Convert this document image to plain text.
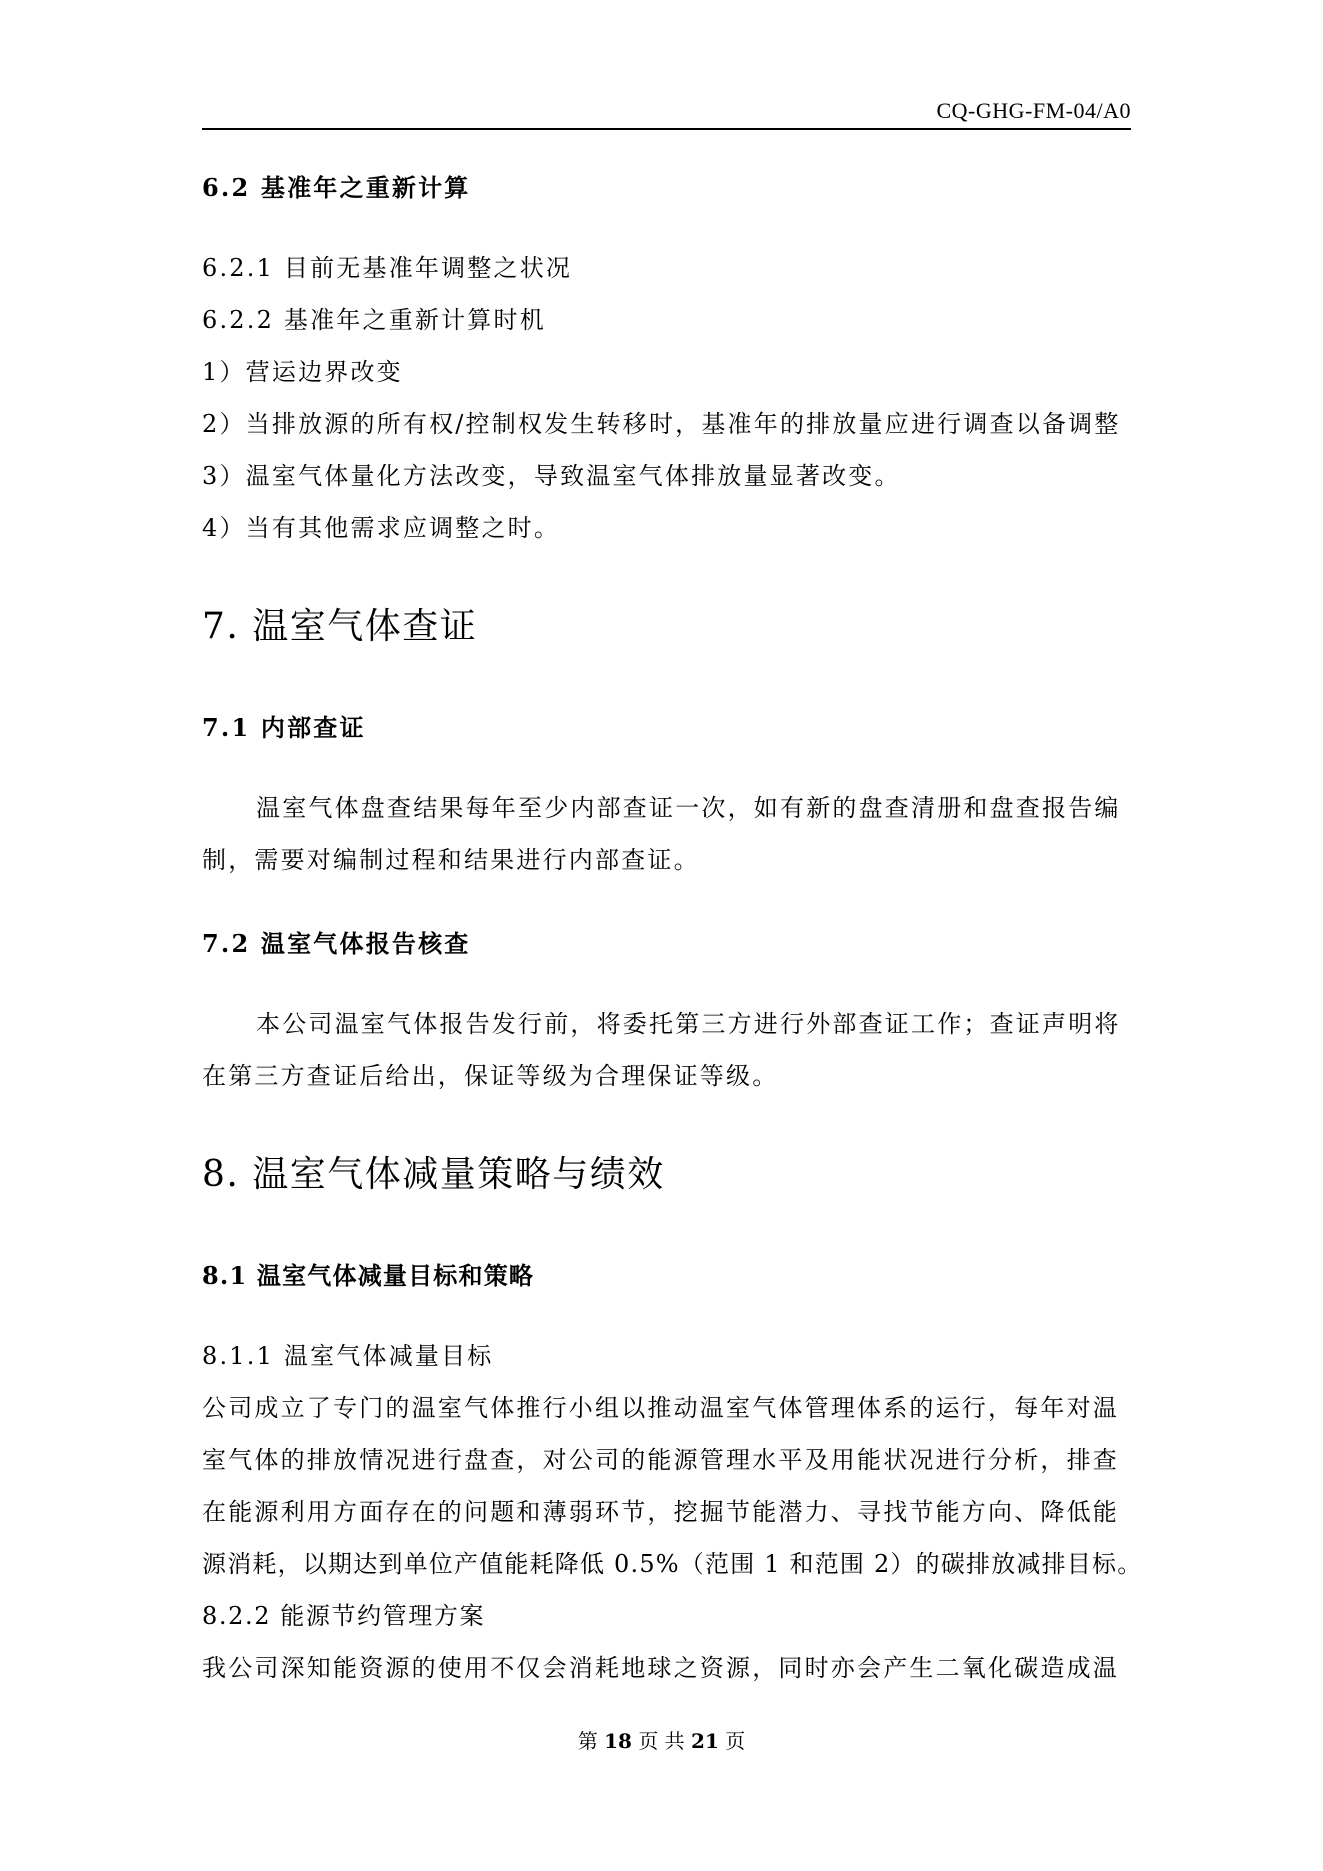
CQ-GHG-FM-04/A0
6.2 基准年之重新计算
6.2.1 目前无基准年调整之状况
6.2.2 基准年之重新计算时机
1）营运边界改变
2）当排放源的所有权/控制权发生转移时，基准年的排放量应进行调查以备调整
3）温室气体量化方法改变，导致温室气体排放量显著改变。
4）当有其他需求应调整之时。
7. 温室气体查证
7.1 内部查证
温室气体盘查结果每年至少内部查证一次，如有新的盘查清册和盘查报告编
制，需要对编制过程和结果进行内部查证。
7.2 温室气体报告核查
本公司温室气体报告发行前，将委托第三方进行外部查证工作；查证声明将
在第三方查证后给出，保证等级为合理保证等级。
8. 温室气体减量策略与绩效
8.1 温室气体减量目标和策略
8.1.1 温室气体减量目标
公司成立了专门的温室气体推行小组以推动温室气体管理体系的运行，每年对温
室气体的排放情况进行盘查，对公司的能源管理水平及用能状况进行分析，排查
在能源利用方面存在的问题和薄弱环节，挖掘节能潜力、寻找节能方向、降低能
源消耗，以期达到单位产值能耗降低 0.5%（范围 1 和范围 2）的碳排放减排目标。
8.2.2 能源节约管理方案
我公司深知能资源的使用不仅会消耗地球之资源，同时亦会产生二氧化碳造成温
第 18 页 共 21 页
